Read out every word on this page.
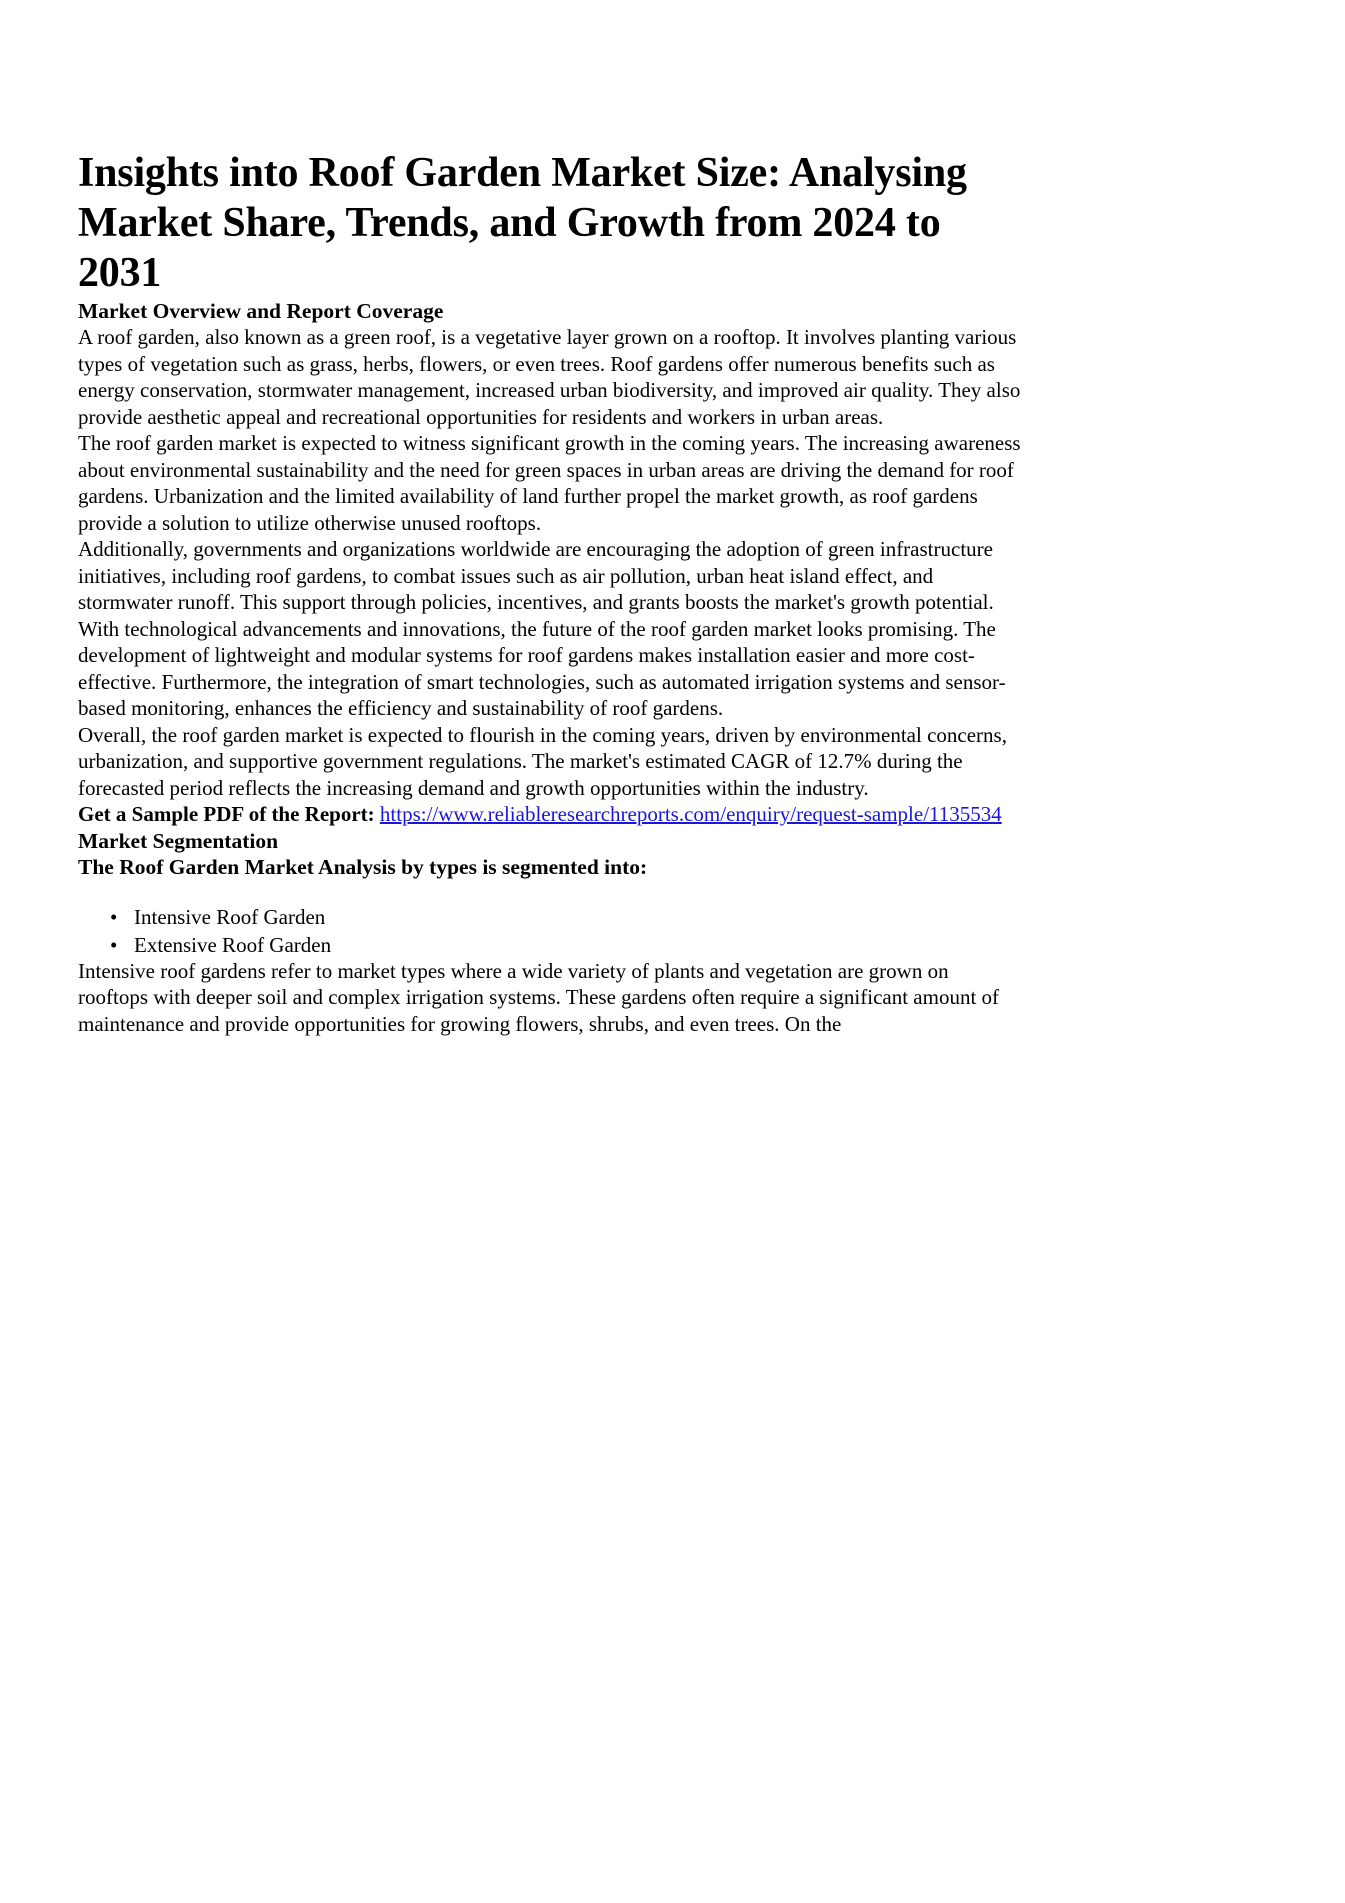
Insights into Roof Garden Market Size: Analysing Market Share, Trends, and Growth from 2024 to 2031
Market Overview and Report Coverage

A roof garden, also known as a green roof, is a vegetative layer grown on a rooftop. It involves planting various types of vegetation such as grass, herbs, flowers, or even trees. Roof gardens offer numerous benefits such as energy conservation, stormwater management, increased urban biodiversity, and improved air quality. They also provide aesthetic appeal and recreational opportunities for residents and workers in urban areas.

The roof garden market is expected to witness significant growth in the coming years. The increasing awareness about environmental sustainability and the need for green spaces in urban areas are driving the demand for roof gardens. Urbanization and the limited availability of land further propel the market growth, as roof gardens provide a solution to utilize otherwise unused rooftops.

Additionally, governments and organizations worldwide are encouraging the adoption of green infrastructure initiatives, including roof gardens, to combat issues such as air pollution, urban heat island effect, and stormwater runoff. This support through policies, incentives, and grants boosts the market's growth potential.

With technological advancements and innovations, the future of the roof garden market looks promising. The development of lightweight and modular systems for roof gardens makes installation easier and more cost-effective. Furthermore, the integration of smart technologies, such as automated irrigation systems and sensor-based monitoring, enhances the efficiency and sustainability of roof gardens.

Overall, the roof garden market is expected to flourish in the coming years, driven by environmental concerns, urbanization, and supportive government regulations. The market's estimated CAGR of 12.7% during the forecasted period reflects the increasing demand and growth opportunities within the industry.

Get a Sample PDF of the Report: https://www.reliableresearchreports.com/enquiry/request-sample/1135534

Market Segmentation
The Roof Garden Market Analysis by types is segmented into:
• Intensive Roof Garden
• Extensive Roof Garden

Intensive roof gardens refer to market types where a wide variety of plants and vegetation are grown on rooftops with deeper soil and complex irrigation systems. These gardens often require a significant amount of maintenance and provide opportunities for growing flowers, shrubs, and even trees. On the
